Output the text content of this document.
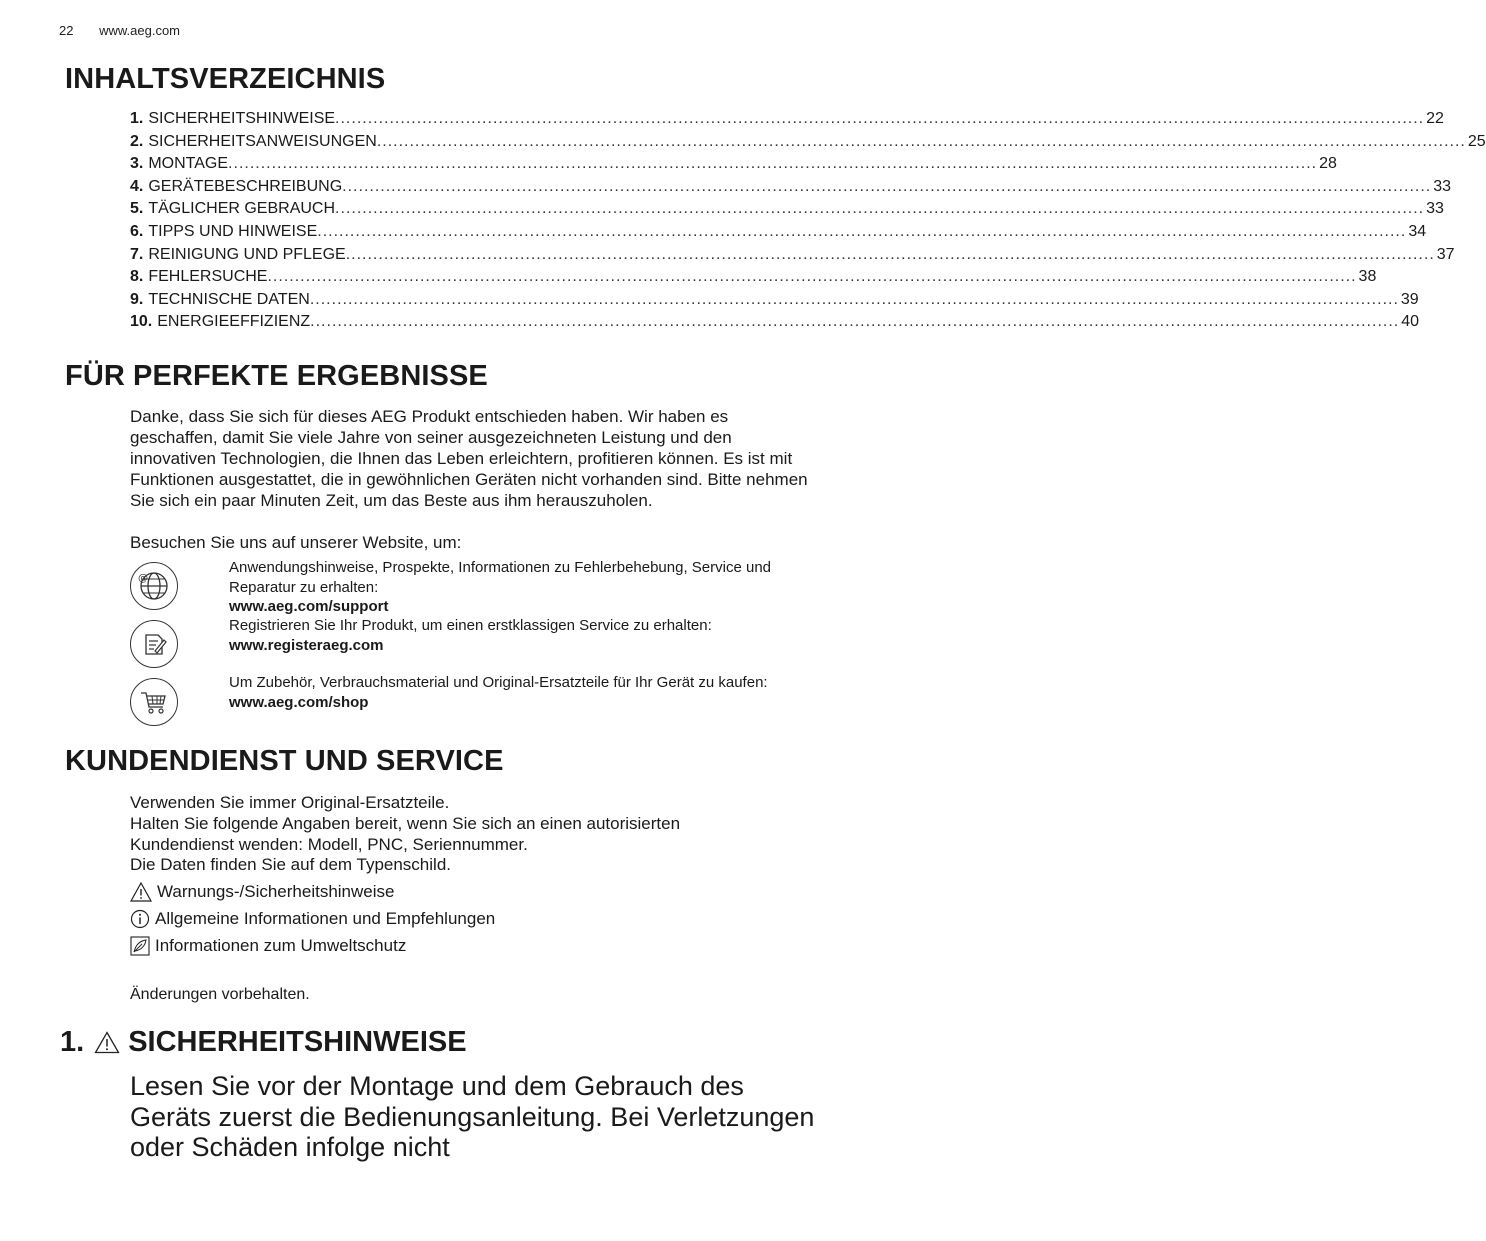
22 www.aeg.com
INHALTSVERZEICHNIS
1. SICHERHEITSHINWEISE ........................................................................................................................................................................................................ 22
2. SICHERHEITSANWEISUNGEN ........................................................................................................................................................................................................ 25
3. MONTAGE ........................................................................................................................................................................................................ 28
4. GERÄTEBESCHREIBUNG ........................................................................................................................................................................................................ 33
5. TÄGLICHER GEBRAUCH ........................................................................................................................................................................................................ 33
6. TIPPS UND HINWEISE ........................................................................................................................................................................................................ 34
7. REINIGUNG UND PFLEGE ........................................................................................................................................................................................................ 37
8. FEHLERSUCHE ........................................................................................................................................................................................................ 38
9. TECHNISCHE DATEN ........................................................................................................................................................................................................ 39
10. ENERGIEEFFIZIENZ ........................................................................................................................................................................................................ 40
FÜR PERFEKTE ERGEBNISSE

Danke, dass Sie sich für dieses AEG Produkt entschieden haben. Wir haben es geschaffen, damit Sie viele Jahre von seiner ausgezeichneten Leistung und den innovativen Technologien, die Ihnen das Leben erleichtern, profitieren können. Es ist mit Funktionen ausgestattet, die in gewöhnlichen Geräten nicht vorhanden sind. Bitte nehmen Sie sich ein paar Minuten Zeit, um das Beste aus ihm herauszuholen.

Besuchen Sie uns auf unserer Website, um:

@
Anwendungshinweise, Prospekte, Informationen zu Fehlerbehebung, Service und Reparatur zu erhalten:
www.aeg.com/support
Registrieren Sie Ihr Produkt, um einen erstklassigen Service zu erhalten:
www.registeraeg.com
Um Zubehör, Verbrauchsmaterial und Original-Ersatzteile für Ihr Gerät zu kaufen:
www.aeg.com/shop
KUNDENDIENST UND SERVICE

Verwenden Sie immer Original-Ersatzteile.

Halten Sie folgende Angaben bereit, wenn Sie sich an einen autorisierten Kundendienst wenden: Modell, PNC, Seriennummer.

Die Daten finden Sie auf dem Typenschild.

Warnungs-/Sicherheitshinweise
Allgemeine Informationen und Empfehlungen
Informationen zum Umweltschutz

Änderungen vorbehalten.

1. SICHERHEITSHINWEISE

Lesen Sie vor der Montage und dem Gebrauch des Geräts zuerst die Bedienungsanleitung. Bei Verletzungen oder Schäden infolge nicht
